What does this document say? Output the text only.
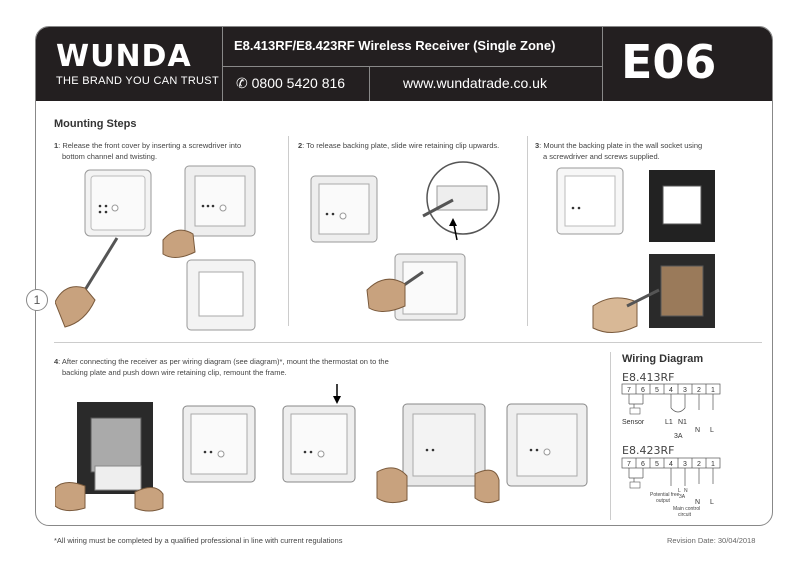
WUNDA
THE BRAND YOU CAN TRUST
E8.413RF/E8.423RF Wireless Receiver (Single Zone)
✆ 0800 5420 816	www.wundatrade.co.uk E06
1
Mounting Steps
1: Release the front cover by inserting a screwdriver into
bottom channel and twisting.
2: To release backing plate, slide wire retaining clip upwards.	3: Mount the backing plate in the wall socket using
a screwdriver and screws supplied.
4: After connecting the receiver as per wiring diagram (see diagram)*, mount the thermostat on to the
backing plate and push down wire retaining clip, remount the frame.
Wiring Diagram
E8.413RF
7 6 5 4 3 2 1
Sensor	L1 N1
N L
3A
E8.423RF
7 6 5 4 3 2 1
Potential free
output
L N
3A
Main control
circuit
N L
*All wiring must be completed by a qualified professional in line with current regulations	Revision Date: 30/04/2018
